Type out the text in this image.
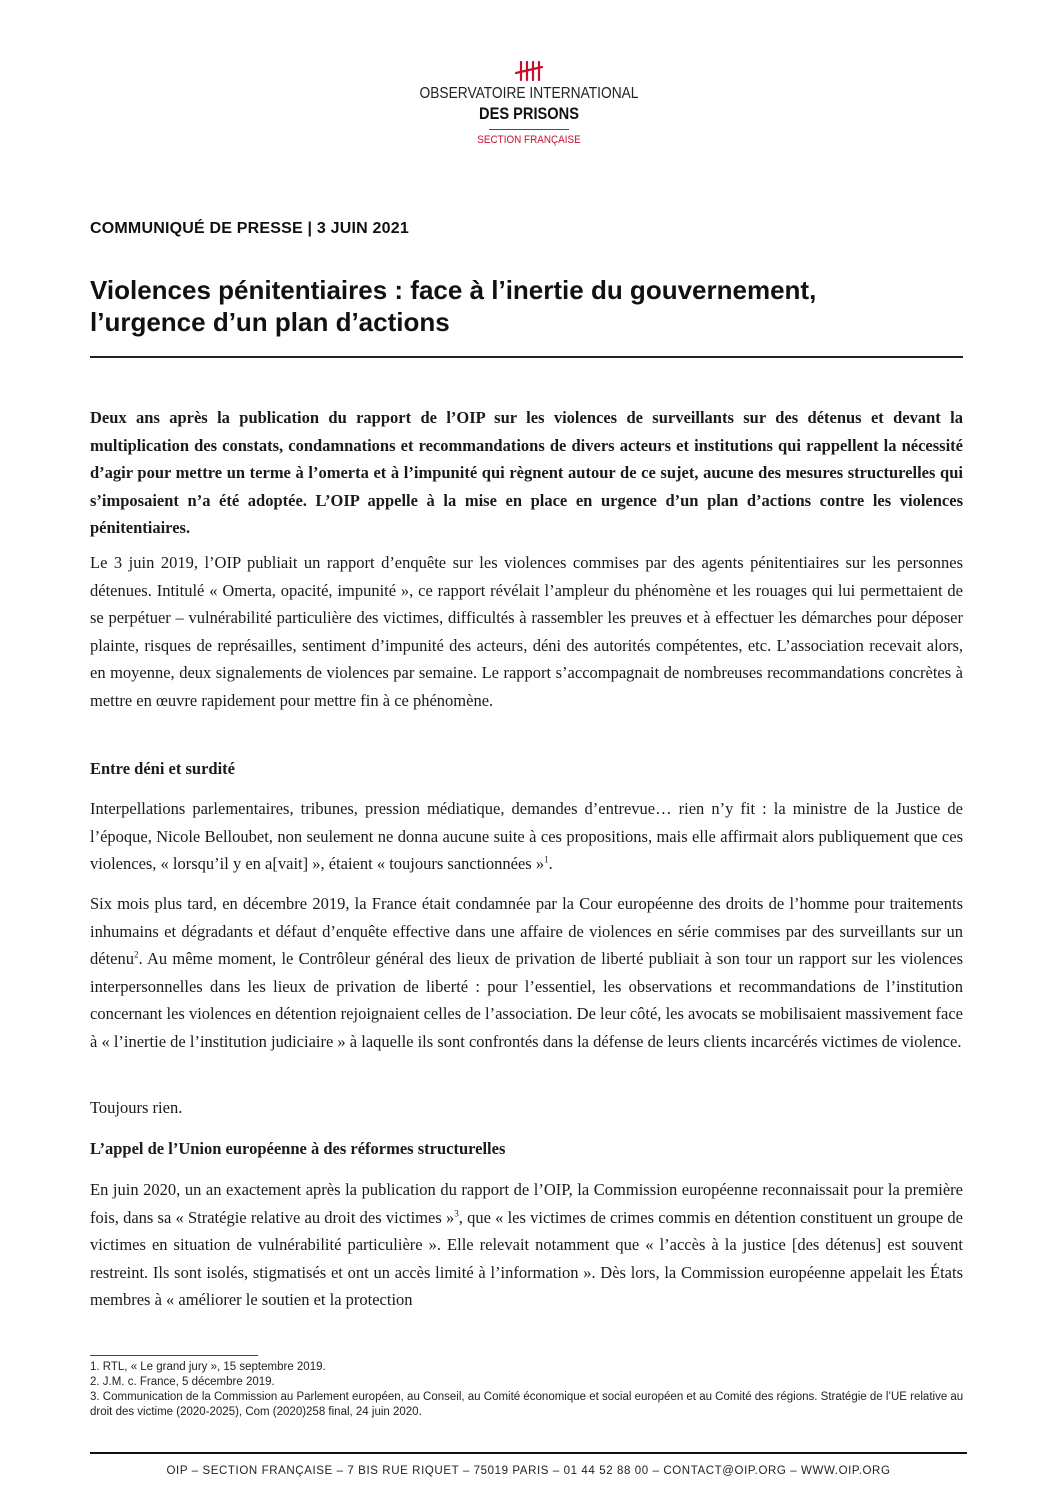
OBSERVATOIRE INTERNATIONAL
DES PRISONS
SECTION FRANÇAISE
COMMUNIQUÉ DE PRESSE | 3 JUIN 2021
Violences pénitentiaires : face à l’inertie du gouvernement,
l’urgence d’un plan d’actions

Deux ans après la publication du rapport de l’OIP sur les violences de surveillants sur des détenus et devant la multiplication des constats, condamnations et recommandations de divers acteurs et institutions qui rappellent la nécessité d’agir pour mettre un terme à l’omerta et à l’impunité qui règnent autour de ce sujet, aucune des mesures structurelles qui s’imposaient n’a été adoptée. L’OIP appelle à la mise en place en urgence d’un plan d’actions contre les violences pénitentiaires.

Le 3 juin 2019, l’OIP publiait un rapport d’enquête sur les violences commises par des agents pénitentiaires sur les personnes détenues. Intitulé « Omerta, opacité, impunité », ce rapport révélait l’ampleur du phénomène et les rouages qui lui permettaient de se perpétuer – vulnérabilité particulière des victimes, difficultés à rassembler les preuves et à effectuer les démarches pour déposer plainte, risques de représailles, sentiment d’impunité des acteurs, déni des autorités compétentes, etc. L’association recevait alors, en moyenne, deux signalements de violences par semaine. Le rapport s’accompagnait de nombreuses recommandations concrètes à mettre en œuvre rapidement pour mettre fin à ce phénomène.

Entre déni et surdité

Interpellations parlementaires, tribunes, pression médiatique, demandes d’entrevue… rien n’y fit : la ministre de la Justice de l’époque, Nicole Belloubet, non seulement ne donna aucune suite à ces propositions, mais elle affirmait alors publiquement que ces violences, « lorsqu’il y en a[vait] », étaient « toujours sanctionnées »$^1$.

Six mois plus tard, en décembre 2019, la France était condamnée par la Cour européenne des droits de l’homme pour traitements inhumains et dégradants et défaut d’enquête effective dans une affaire de violences en série commises par des surveillants sur un détenu$^2$. Au même moment, le Contrôleur général des lieux de privation de liberté publiait à son tour un rapport sur les violences interpersonnelles dans les lieux de privation de liberté : pour l’essentiel, les observations et recommandations de l’institution concernant les violences en détention rejoignaient celles de l’association. De leur côté, les avocats se mobilisaient massivement face à « l’inertie de l’institution judiciaire » à laquelle ils sont confrontés dans la défense de leurs clients incarcérés victimes de violence.

Toujours rien.

L’appel de l’Union européenne à des réformes structurelles

En juin 2020, un an exactement après la publication du rapport de l’OIP, la Commission européenne reconnaissait pour la première fois, dans sa « Stratégie relative au droit des victimes »$^3$, que « les victimes de crimes commis en détention constituent un groupe de victimes en situation de vulnérabilité particulière ». Elle relevait notamment que « l’accès à la justice [des détenus] est souvent restreint. Ils sont isolés, stigmatisés et ont un accès limité à l’information ». Dès lors, la Commission européenne appelait les États membres à « améliorer le soutien et la protection

1. RTL, « Le grand jury », 15 septembre 2019.
2. J.M. c. France, 5 décembre 2019.
3. Communication de la Commission au Parlement européen, au Conseil, au Comité économique et social européen et au Comité des régions. Stratégie de l’UE relative au droit des victime (2020-2025), Com (2020)258 final, 24 juin 2020.
OIP – SECTION FRANÇAISE – 7 BIS RUE RIQUET – 75019 PARIS – 01 44 52 88 00 – CONTACT@OIP.ORG – WWW.OIP.ORG
